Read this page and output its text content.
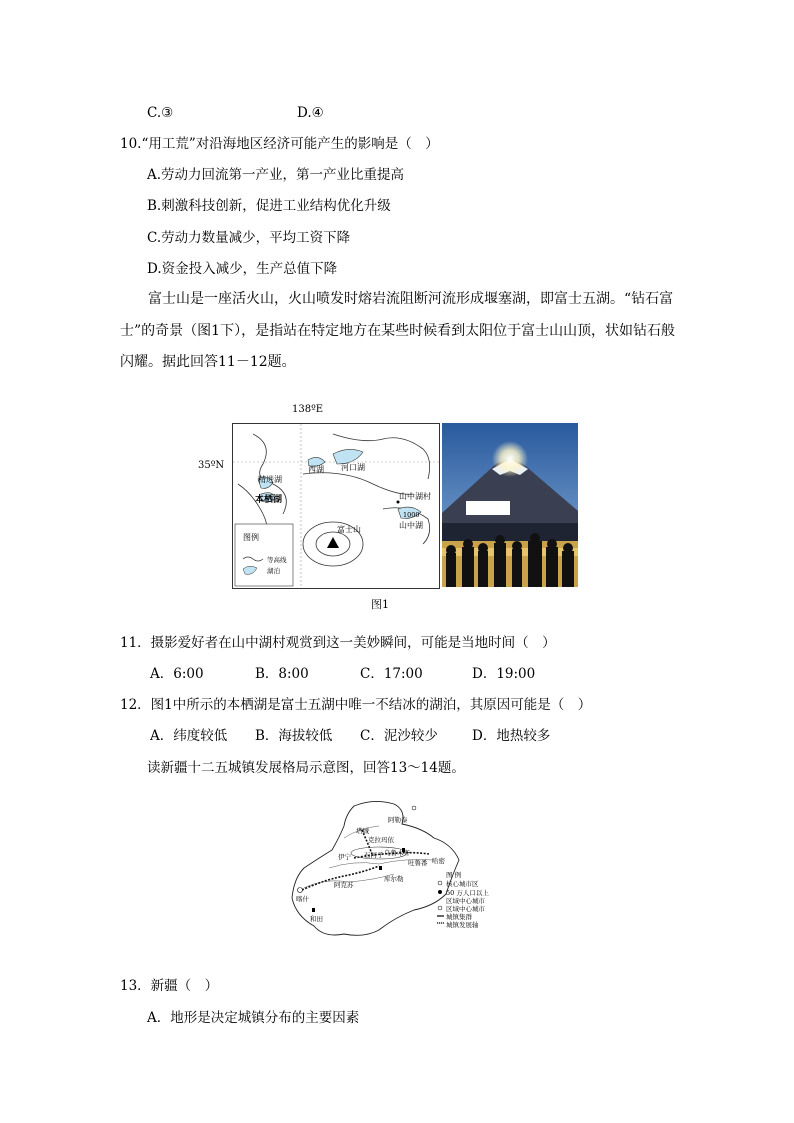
C.③	D.④
10.“用工荒”对沿海地区经济可能产生的影响是（　）
A.劳动力回流第一产业，第一产业比重提高
B.刺激科技创新，促进工业结构优化升级
C.劳动力数量减少，平均工资下降
D.资金投入减少，生产总值下降
富士山是一座活火山，火山喷发时熔岩流阻断河流形成堰塞湖，即富士五湖。“钻石富士”的奇景（图1下），是指站在特定地方在某些时候看到太阳位于富士山山顶，状如钻石般闪耀。据此回答11－12题。
138ºE
35ºN
精进湖
西湖 河口湖
本栖湖	山中湖村
山中湖
1000
富士山
图例
等高线
湖泊
图1
11．摄影爱好者在山中湖村观赏到这一美妙瞬间，可能是当地时间（　）
A．6:00	B．8:00	C．17:00	D．19:00
12．图1中所示的本栖湖是富士五湖中唯一不结冰的湖泊，其原因可能是（　）
A．纬度较低 B．海拔较低 C．泥沙较少	D．地热较多
读新疆十二五城镇发展格局示意图，回答13～14题。
阿勒泰
塔城
克拉玛依
伊宁 石河子 乌鲁木齐
哈密
吐鲁番
阿克苏
库尔勒
喀什
和田
图 例
核心城市区
50 万人口以上
区域中心城市
区域中心城市
城镇集群
城镇发展轴
13．新疆（　）
A．地形是决定城镇分布的主要因素
